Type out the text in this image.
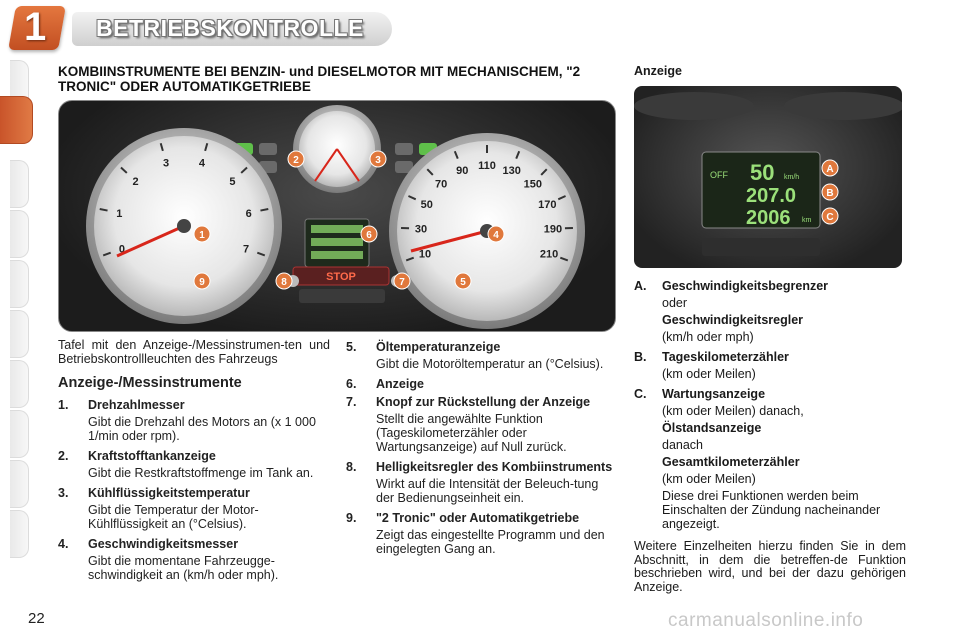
1 BETRIEBSKONTROLLE
KOMBIINSTRUMENTE BEI BENZIN- und DIESELMOTOR MIT MECHANISCHEM, "2 TRONIC" ODER AUTOMATIKGETRIEBE
0
1
2
3	4
5
6
7	10
30
50
70
90 110 130
150
170
190
210
STOP
1
2	3
4
5
6
7
8
9

Tafel mit den Anzeige-/Messinstrumen-ten und Betriebskontrollleuchten des Fahrzeugs

Anzeige-/Messinstrumente
1.	Drehzahlmesser
Gibt die Drehzahl des Motors an (x 1 000 1/min oder rpm).
2.	Kraftstofftankanzeige
Gibt die Restkraftstoffmenge im Tank an.
3.	Kühlflüssigkeitstemperatur
Gibt die Temperatur der Motor-Kühlflüssigkeit an (°Celsius).
4.	Geschwindigkeitsmesser
Gibt die momentane Fahrzeugge-schwindigkeit an (km/h oder mph).
5.	Öltemperaturanzeige
Gibt die Motoröltemperatur an (°Celsius).
6.	Anzeige
7.	Knopf zur Rückstellung der Anzeige
Stellt die angewählte Funktion (Tageskilometerzähler oder Wartungsanzeige) auf Null zurück.
8.	Helligkeitsregler des Kombiinstruments
Wirkt auf die Intensität der Beleuch-tung der Bedienungseinheit ein.
9.	"2 Tronic" oder Automatikgetriebe
Zeigt das eingestellte Programm und den eingelegten Gang an.
Anzeige
OFF 50 km/h
207.0
2006 km
A
B
C
A.	Geschwindigkeitsbegrenzer
oder
Geschwindigkeitsregler
(km/h oder mph)
B.	Tageskilometerzähler
(km oder Meilen)
C.	Wartungsanzeige
(km oder Meilen) danach,
Ölstandsanzeige
danach
Gesamtkilometerzähler
(km oder Meilen)
Diese drei Funktionen werden beim Einschalten der Zündung nacheinander angezeigt.
Weitere Einzelheiten hierzu finden Sie in dem Abschnitt, in dem die betreffen-de Funktion beschrieben wird, und bei der dazu gehörigen Anzeige.
22	carmanualsonline.info
